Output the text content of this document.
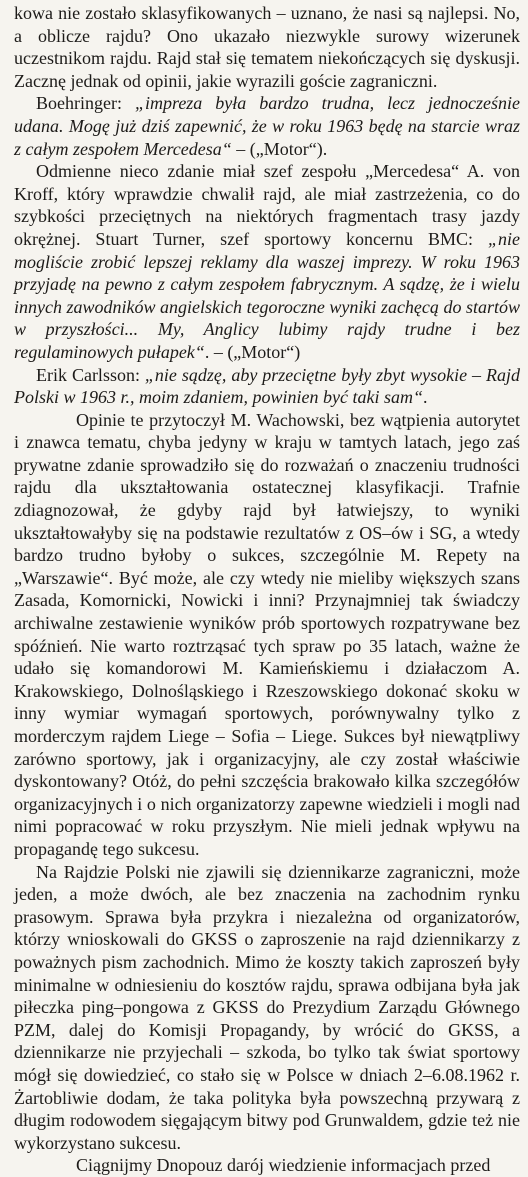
kowa nie zostało sklasyfikowanych – uznano, że nasi są najlepsi. No, a oblicze rajdu? Ono ukazało niezwykle surowy wizerunek uczestnikom rajdu. Rajd stał się tematem niekończących się dyskusji. Zacznę jednak od opinii, jakie wyrazili goście zagraniczni.

Boehringer: „impreza była bardzo trudna, lecz jednocześnie udana. Mogę już dziś zapewnić, że w roku 1963 będę na starcie wraz z całym zespołem Mercedesa“ – („Motor“).

Odmienne nieco zdanie miał szef zespołu „Mercedesa“ A. von Kroff, który wprawdzie chwalił rajd, ale miał zastrzeżenia, co do szybkości przeciętnych na niektórych fragmentach trasy jazdy okrężnej. Stuart Turner, szef sportowy koncernu BMC: „nie mogliście zrobić lepszej reklamy dla waszej imprezy. W roku 1963 przyjadę na pewno z całym zespołem fabrycznym. A sądzę, że i wielu innych zawodników angielskich tegoroczne wyniki zachęcą do startów w przyszłości... My, Anglicy lubimy rajdy trudne i bez regulaminowych pułapek“. – („Motor“)

Erik Carlsson: „nie sądzę, aby przeciętne były zbyt wysokie – Rajd Polski w 1963 r., moim zdaniem, powinien być taki sam“.

Opinie te przytoczył M. Wachowski, bez wątpienia autorytet i znawca tematu, chyba jedyny w kraju w tamtych latach, jego zaś prywatne zdanie sprowadziło się do rozważań o znaczeniu trudności rajdu dla ukształtowania ostatecznej klasyfikacji. Trafnie zdiagnozował, że gdyby rajd był łatwiejszy, to wyniki ukształtowałyby się na podstawie rezultatów z OS–ów i SG, a wtedy bardzo trudno byłoby o sukces, szczególnie M. Repety na „Warszawie“. Być może, ale czy wtedy nie mieliby większych szans Zasada, Komornicki, Nowicki i inni? Przynajmniej tak świadczy archiwalne zestawienie wyników prób sportowych rozpatrywane bez spóźnień. Nie warto roztrząsać tych spraw po 35 latach, ważne że udało się komandorowi M. Kamieńskiemu i działaczom A. Krakowskiego, Dolnośląskiego i Rzeszowskiego dokonać skoku w inny wymiar wymagań sportowych, porównywalny tylko z morderczym rajdem Liege – Sofia – Liege. Sukces był niewątpliwy zarówno sportowy, jak i organizacyjny, ale czy został właściwie dyskontowany? Otóż, do pełni szczęścia brakowało kilka szczegółów organizacyjnych i o nich organizatorzy zapewne wiedzieli i mogli nad nimi popracować w roku przyszłym. Nie mieli jednak wpływu na propagandę tego sukcesu.

Na Rajdzie Polski nie zjawili się dziennikarze zagraniczni, może jeden, a może dwóch, ale bez znaczenia na zachodnim rynku prasowym. Sprawa była przykra i niezależna od organizatorów, którzy wnioskowali do GKSS o zaproszenie na rajd dziennikarzy z poważnych pism zachodnich. Mimo że koszty takich zaproszeń były minimalne w odniesieniu do kosztów rajdu, sprawa odbijana była jak piłeczka ping–pongowa z GKSS do Prezydium Zarządu Głównego PZM, dalej do Komisji Propagandy, by wrócić do GKSS, a dziennikarze nie przyjechali – szkoda, bo tylko tak świat sportowy mógł się dowiedzieć, co stało się w Polsce w dniach 2–6.08.1962 r. Żartobliwie dodam, że taka polityka była powszechną przywarą z długim rodowodem sięgającym bitwy pod Grunwaldem, gdzie też nie wykorzystano sukcesu.

Ciągnijmy Dnopouz darój wiedzienie informacjach przed
